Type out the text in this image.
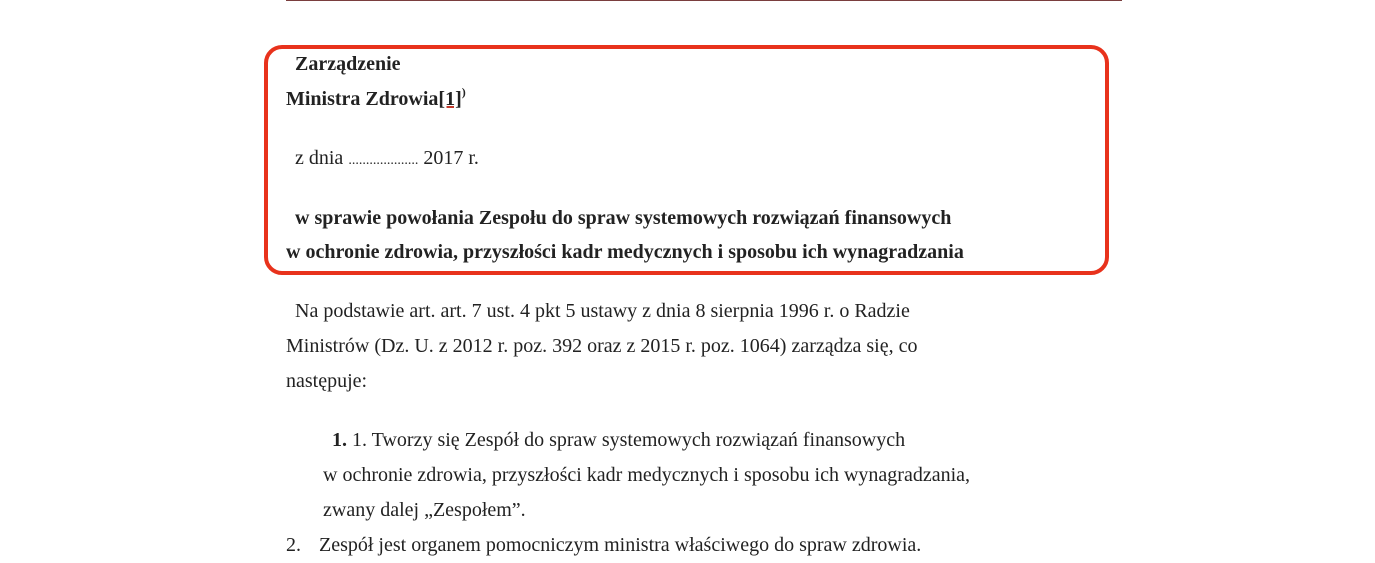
Zarządzenie
Ministra Zdrowia[1])
z dnia .................... 2017 r.
w sprawie powołania Zespołu do spraw systemowych rozwiązań finansowych
w ochronie zdrowia, przyszłości kadr medycznych i sposobu ich wynagradzania
Na podstawie art. art. 7 ust. 4 pkt 5 ustawy z dnia 8 sierpnia 1996 r. o Radzie
Ministrów (Dz. U. z 2012 r. poz. 392 oraz z 2015 r. poz. 1064) zarządza się, co
następuje:
1. 1. Tworzy się Zespół do spraw systemowych rozwiązań finansowych
w ochronie zdrowia, przyszłości kadr medycznych i sposobu ich wynagradzania,
zwany dalej „Zespołem”.
2. Zespół jest organem pomocniczym ministra właściwego do spraw zdrowia.
